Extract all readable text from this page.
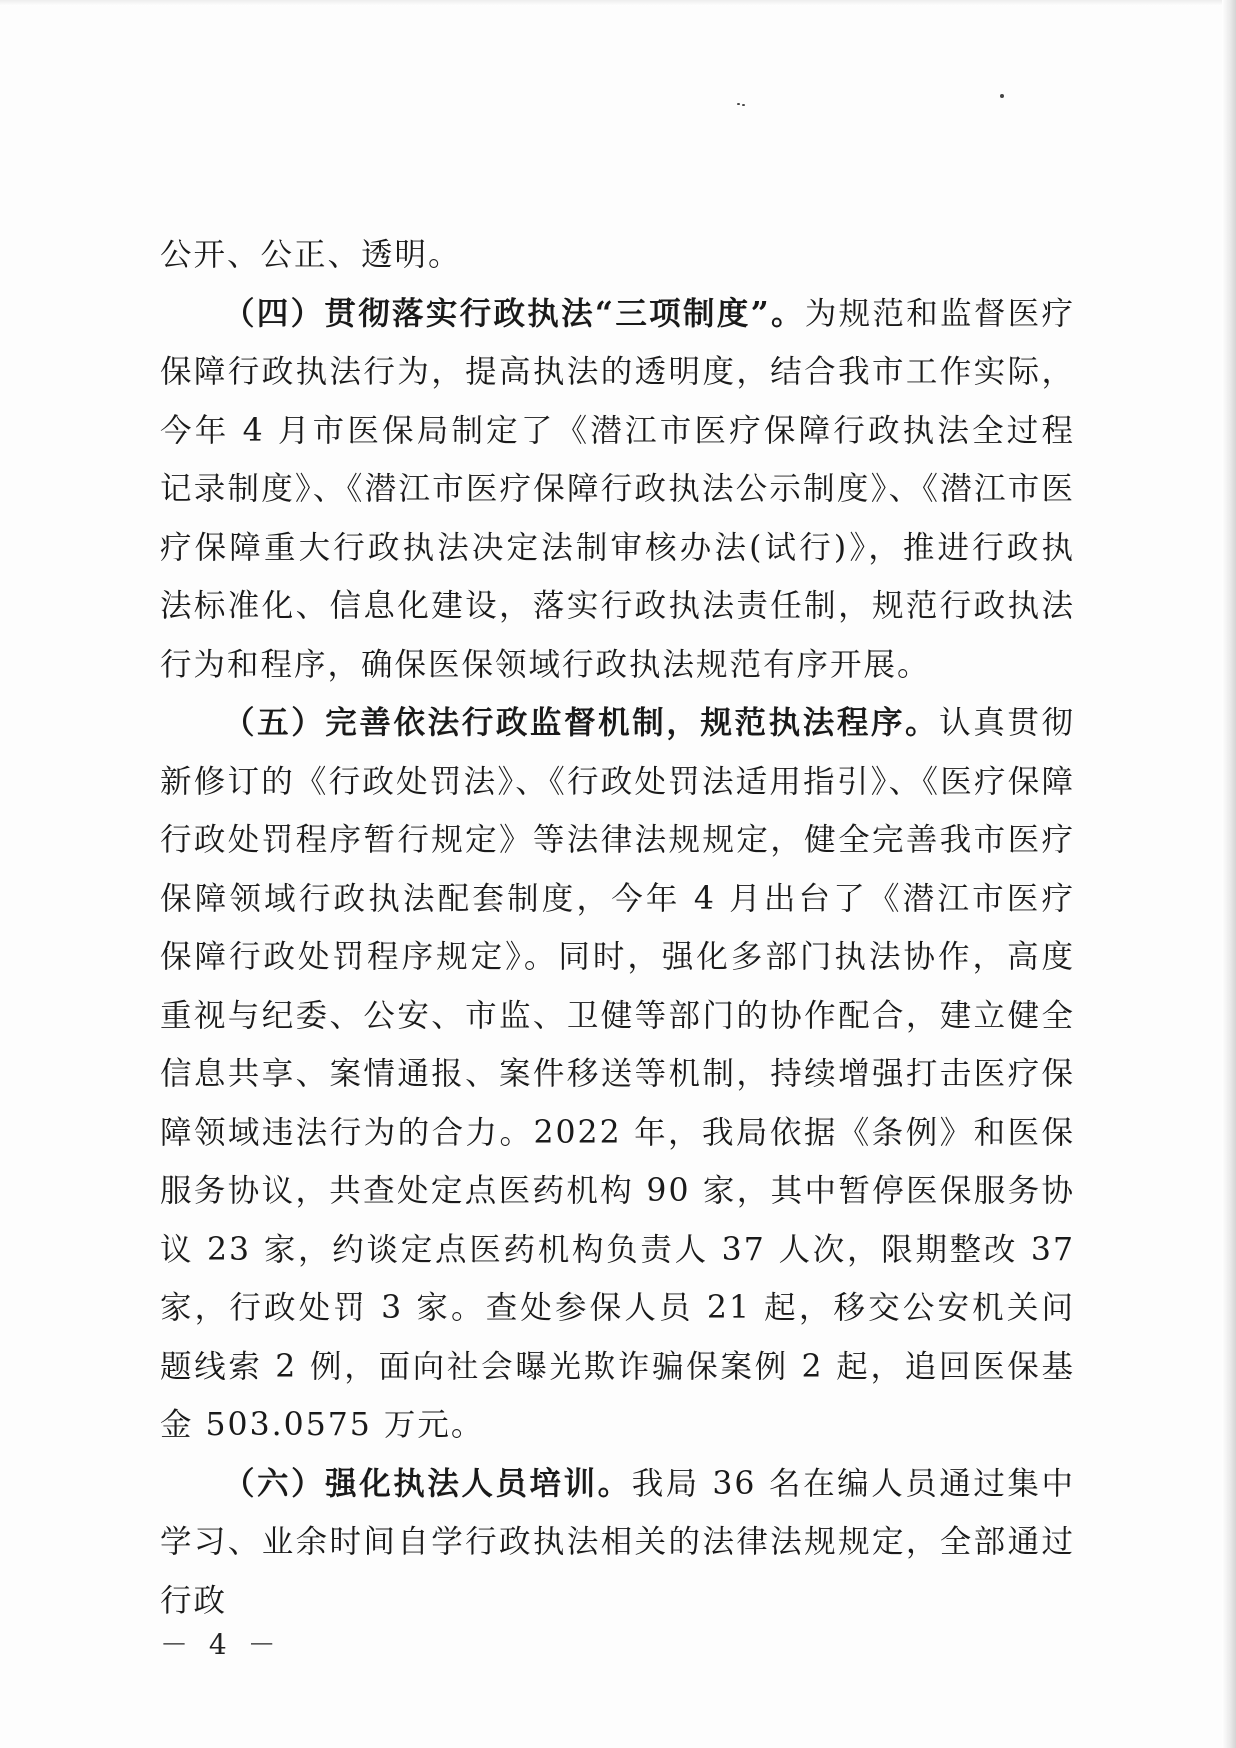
公开、公正、透明。

（四）贯彻落实行政执法“三项制度”。为规范和监督医疗保障行政执法行为，提高执法的透明度，结合我市工作实际，今年 4 月市医保局制定了《潜江市医疗保障行政执法全过程记录制度》、《潜江市医疗保障行政执法公示制度》、《潜江市医疗保障重大行政执法决定法制审核办法(试行)》，推进行政执法标准化、信息化建设，落实行政执法责任制，规范行政执法行为和程序，确保医保领域行政执法规范有序开展。

（五）完善依法行政监督机制，规范执法程序。认真贯彻新修订的《行政处罚法》、《行政处罚法适用指引》、《医疗保障行政处罚程序暂行规定》等法律法规规定，健全完善我市医疗保障领域行政执法配套制度，今年 4 月出台了《潜江市医疗保障行政处罚程序规定》。同时，强化多部门执法协作，高度重视与纪委、公安、市监、卫健等部门的协作配合，建立健全信息共享、案情通报、案件移送等机制，持续增强打击医疗保障领域违法行为的合力。2022 年，我局依据《条例》和医保服务协议，共查处定点医药机构 90 家，其中暂停医保服务协议 23 家，约谈定点医药机构负责人 37 人次，限期整改 37 家，行政处罚 3 家。查处参保人员 21 起，移交公安机关问题线索 2 例，面向社会曝光欺诈骗保案例 2 起，追回医保基金 503.0575 万元。

（六）强化执法人员培训。我局 36 名在编人员通过集中学习、业余时间自学行政执法相关的法律法规规定，全部通过行政

－ 4 －
